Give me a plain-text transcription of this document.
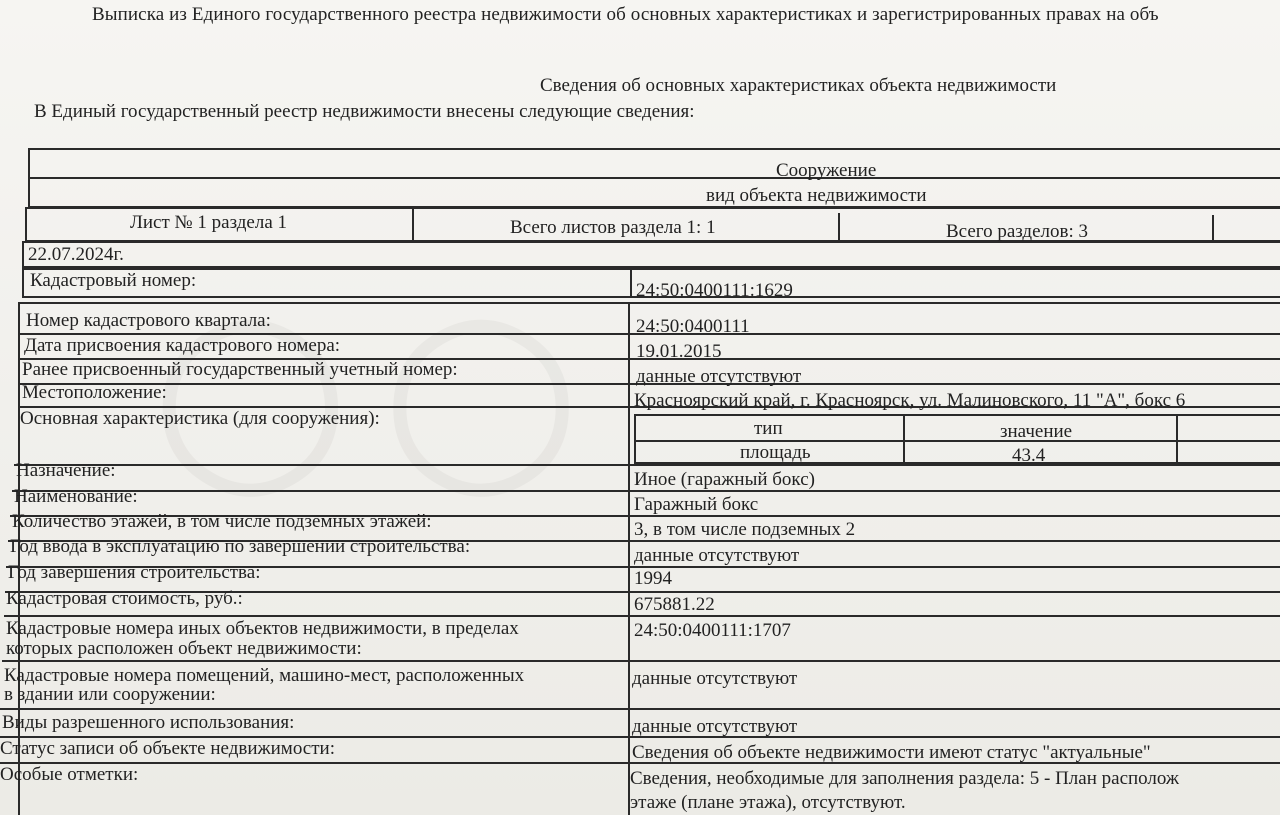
Выписка из Единого государственного реестра недвижимости об основных характеристиках и зарегистрированных правах на объ
Сведения об основных характеристиках объекта недвижимости
В Единый государственный реестр недвижимости внесены следующие сведения:
Сооружение
вид объекта недвижимости
Лист № 1 раздела 1	Всего листов раздела 1: 1	Всего разделов: 3
22.07.2024г.
Кадастровый номер:	24:50:0400111:1629
Номер кадастрового квартала:	24:50:0400111
Дата присвоения кадастрового номера:	19.01.2015
Ранее присвоенный государственный учетный номер:	данные отсутствуют
Местоположение:	Красноярский край, г. Красноярск, ул. Малиновского, 11 "А", бокс 6
Основная характеристика (для сооружения):	тип	значение
площадь	43.4
Назначение:	Иное (гаражный бокс)
Наименование:	Гаражный бокс
Количество этажей, в том числе подземных этажей:	3, в том числе подземных 2
Год ввода в эксплуатацию по завершении строительства:	данные отсутствуют
Год завершения строительства:	1994
Кадастровая стоимость, руб.:	675881.22
Кадастровые номера иных объектов недвижимости, в пределах
которых расположен объект недвижимости:
24:50:0400111:1707
Кадастровые номера помещений, машино-мест, расположенных
в здании или сооружении:
данные отсутствуют
Виды разрешенного использования:	данные отсутствуют
Статус записи об объекте недвижимости:	Сведения об объекте недвижимости имеют статус "актуальные"
Особые отметки:	Сведения, необходимые для заполнения раздела: 5 - План располож
этаже (плане этажа), отсутствуют.
